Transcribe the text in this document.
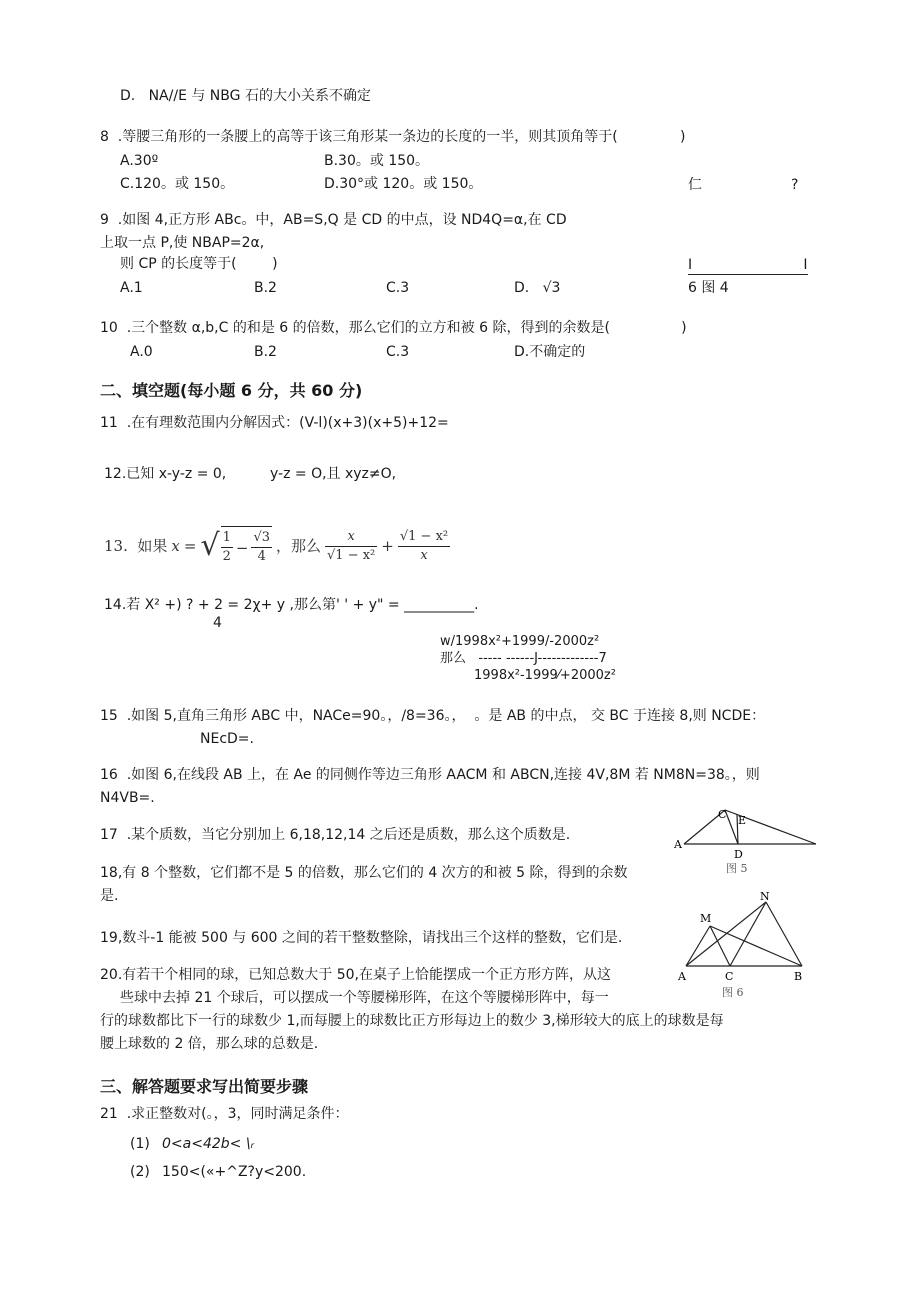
D.   NA//E 与 NBG 石的大小关系不确定
8  .等腰三角形的一条腰上的高等于该三角形某一条边的长度的一半，则其顶角等于(              )
A.30º	B.30。或 150。
C.120。或 150。	D.30°或 120。或 150。	仁                    ?
9  .如图 4,正方形 ABc。中，AB=S,Q 是 CD 的中点，设 ND4Q=α,在 CD
上取一点 P,使 NBAP=2α,
则 CP 的长度等于(        )
A.1	B.2	C.3	D.   √3
I                         I
6 图 4
10  .三个整数 α,b,C 的和是 6 的倍数，那么它们的立方和被 6 除，得到的余数是(                )
A.0	B.2	C.3	D.不确定的
二、填空题(每小题 6 分，共 60 分)
11  .在有理数范围内分解因式：(V-l)(x+3)(x+5)+12=
12.已知 x-y-z = 0,	y-z = O,且 xyz≠O,
13.  如果 x = √ $\frac{1}{2} - \frac{√3}{4}$ ，那么 $\frac{x}{\text{√1 − x²}} + \frac{\text{√1 − x²}}{x}$
14.若 X² +) ? + 2 = 2χ+ y ,那么第' ' + y" = __________.
4
w/1998x²+1999/-2000z²
那么   ----- ------J-------------7
1998x²-1999⁄+2000z²
15  .如图 5,直角三角形 ABC 中，NACe=90。，/8=36。，  。是 AB 的中点， 交 BC 于连接 8,则 NCDE：
NEcD=.
16  .如图 6,在线段 AB 上，在 Ae 的同侧作等边三角形 AACM 和 ABCN,连接 4V,8M 若 NM8N=38。，则
N4VB=.
17  .某个质数，当它分别加上 6,18,12,14 之后还是质数，那么这个质数是.
18,有 8 个整数，它们都不是 5 的倍数，那么它们的 4 次方的和被 5 除，得到的余数
是.
19,数斗-1 能被 500 与 600 之间的若干整数整除，请找出三个这样的整数，它们是.
20.有若干个相同的球，已知总数大于 50,在桌子上恰能摆成一个正方形方阵，从这
些球中去掉 21 个球后，可以摆成一个等腰梯形阵，在这个等腰梯形阵中，每一
行的球数都比下一行的球数少 1,而每腰上的球数比正方形每边上的数少 3,梯形较大的底上的球数是每
腰上球数的 2 倍，那么球的总数是.
三、解答题要求写出简要步骤
21  .求正整数对(。，3，同时满足条件：
(1) 0<a<42b< \ᵣ
(2) 150<(«+^Z?y<200.
C E
A
D
图 5
M
N
A	C	B
图 6
